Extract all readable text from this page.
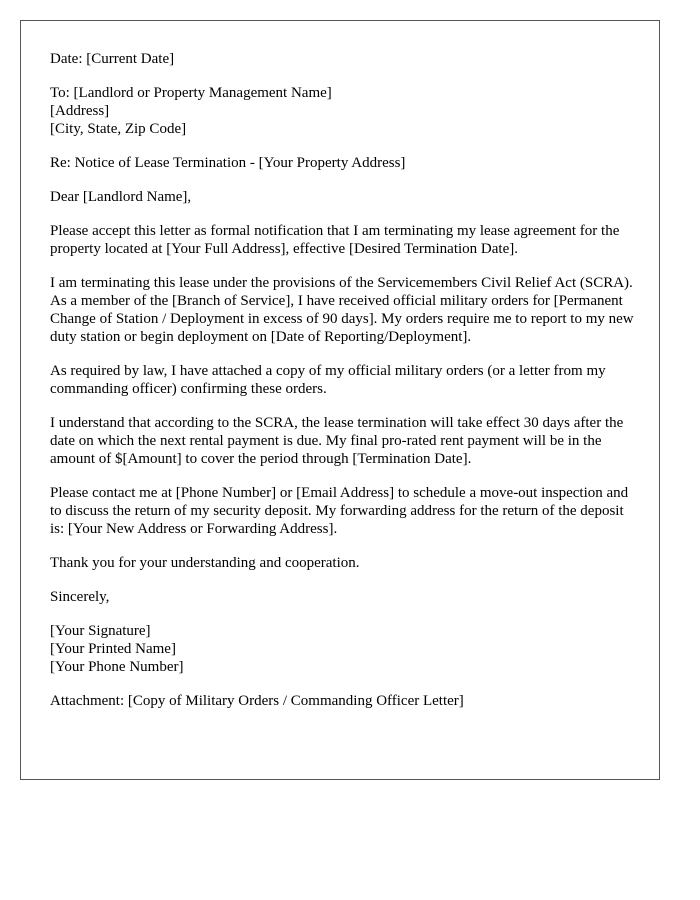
Date: [Current Date]

To: [Landlord or Property Management Name]
[Address]
[City, State, Zip Code]

Re: Notice of Lease Termination - [Your Property Address]

Dear [Landlord Name],

Please accept this letter as formal notification that I am terminating my lease agreement for the property located at [Your Full Address], effective [Desired Termination Date].

I am terminating this lease under the provisions of the Servicemembers Civil Relief Act (SCRA). As a member of the [Branch of Service], I have received official military orders for [Permanent Change of Station / Deployment in excess of 90 days]. My orders require me to report to my new duty station or begin deployment on [Date of Reporting/Deployment].

As required by law, I have attached a copy of my official military orders (or a letter from my commanding officer) confirming these orders.

I understand that according to the SCRA, the lease termination will take effect 30 days after the date on which the next rental payment is due. My final pro-rated rent payment will be in the amount of $[Amount] to cover the period through [Termination Date].

Please contact me at [Phone Number] or [Email Address] to schedule a move-out inspection and to discuss the return of my security deposit. My forwarding address for the return of the deposit is: [Your New Address or Forwarding Address].

Thank you for your understanding and cooperation.

Sincerely,

[Your Signature]
[Your Printed Name]
[Your Phone Number]

Attachment: [Copy of Military Orders / Commanding Officer Letter]
